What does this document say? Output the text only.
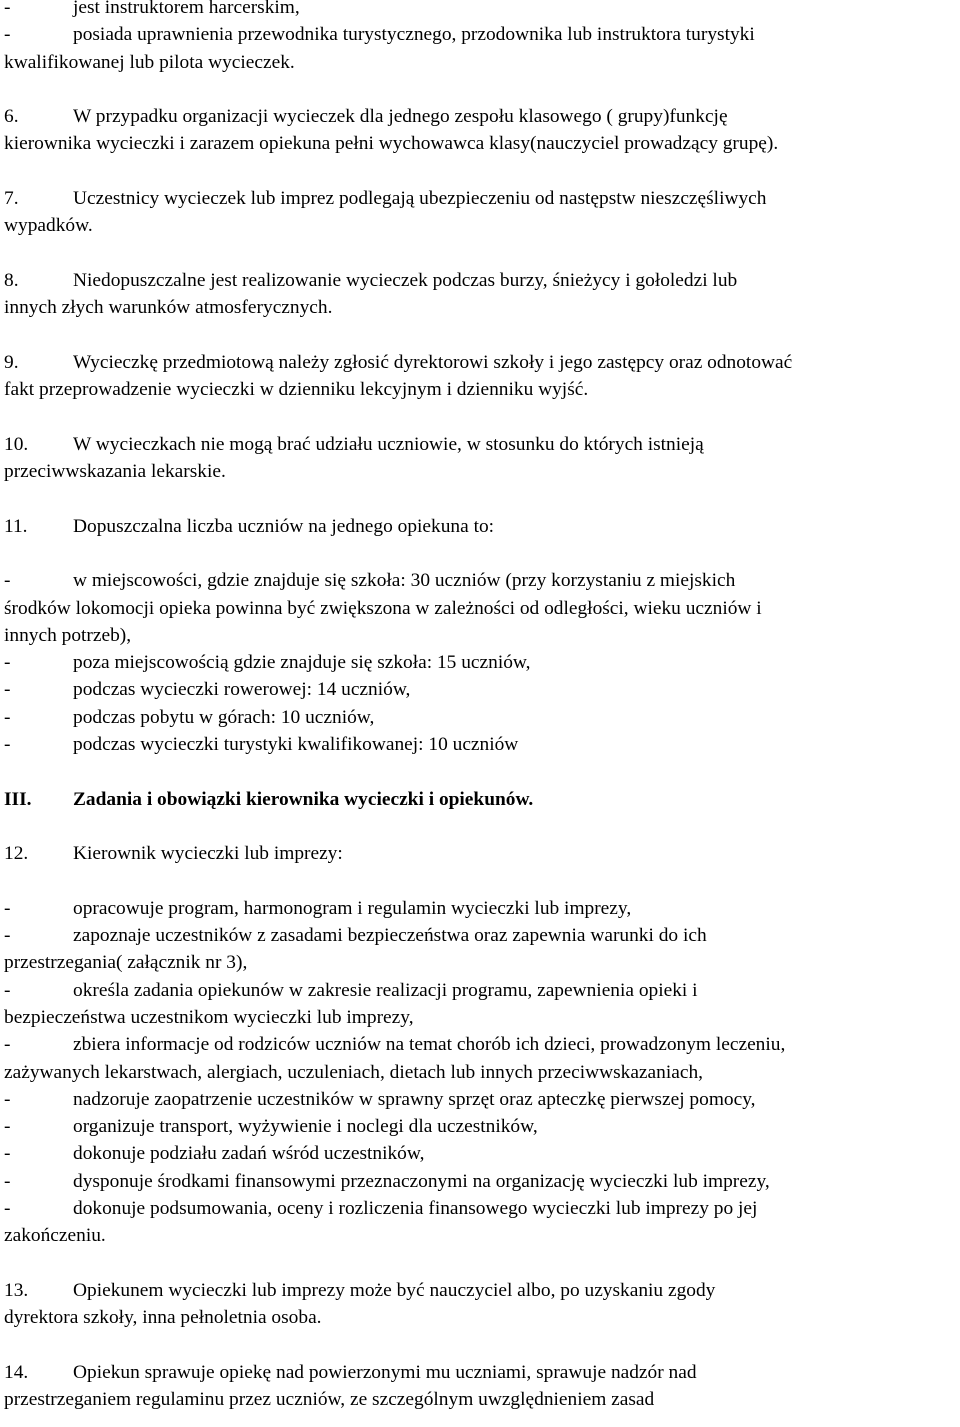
-	jest instruktorem harcerskim,
-	posiada uprawnienia przewodnika turystycznego, przodownika lub instruktora turystyki
kwalifikowanej lub pilota wycieczek.
6.	W przypadku organizacji wycieczek dla jednego zespołu klasowego ( grupy)funkcję
kierownika wycieczki i zarazem opiekuna pełni wychowawca klasy(nauczyciel prowadzący grupę).
7.	Uczestnicy wycieczek lub imprez podlegają ubezpieczeniu od następstw nieszczęśliwych
wypadków.
8.	Niedopuszczalne jest realizowanie wycieczek podczas burzy, śnieżycy i gołoledzi lub
innych złych warunków atmosferycznych.
9.	Wycieczkę przedmiotową należy zgłosić dyrektorowi szkoły i jego zastępcy oraz odnotować
fakt przeprowadzenie wycieczki w dzienniku lekcyjnym i dzienniku wyjść.
10. W wycieczkach nie mogą brać udziału uczniowie, w stosunku do których istnieją
przeciwwskazania lekarskie.
11. Dopuszczalna liczba uczniów na jednego opiekuna to:
-	w miejscowości, gdzie znajduje się szkoła: 30 uczniów (przy korzystaniu z miejskich
środków lokomocji opieka powinna być zwiększona w zależności od odległości, wieku uczniów i
innych potrzeb),
-	poza miejscowością gdzie znajduje się szkoła: 15 uczniów,
-	podczas wycieczki rowerowej: 14 uczniów,
-	podczas pobytu w górach: 10 uczniów,
-	podczas wycieczki turystyki kwalifikowanej: 10 uczniów
III. Zadania i obowiązki kierownika wycieczki i opiekunów.
12. Kierownik wycieczki lub imprezy:
-	opracowuje program, harmonogram i regulamin wycieczki lub imprezy,
-	zapoznaje uczestników z zasadami bezpieczeństwa oraz zapewnia warunki do ich
przestrzegania( załącznik nr 3),
-	określa zadania opiekunów w zakresie realizacji programu, zapewnienia opieki i
bezpieczeństwa uczestnikom wycieczki lub imprezy,
-	zbiera informacje od rodziców uczniów na temat chorób ich dzieci, prowadzonym leczeniu,
zażywanych lekarstwach, alergiach, uczuleniach, dietach lub innych przeciwwskazaniach,
-	nadzoruje zaopatrzenie uczestników w sprawny sprzęt oraz apteczkę pierwszej pomocy,
-	organizuje transport, wyżywienie i noclegi dla uczestników,
-	dokonuje podziału zadań wśród uczestników,
-	dysponuje środkami finansowymi przeznaczonymi na organizację wycieczki lub imprezy,
-	dokonuje podsumowania, oceny i rozliczenia finansowego wycieczki lub imprezy po jej
zakończeniu.
13. Opiekunem wycieczki lub imprezy może być nauczyciel albo, po uzyskaniu zgody
dyrektora szkoły, inna pełnoletnia osoba.
14. Opiekun sprawuje opiekę nad powierzonymi mu uczniami, sprawuje nadzór nad
przestrzeganiem regulaminu przez uczniów, ze szczególnym uwzględnieniem zasad
